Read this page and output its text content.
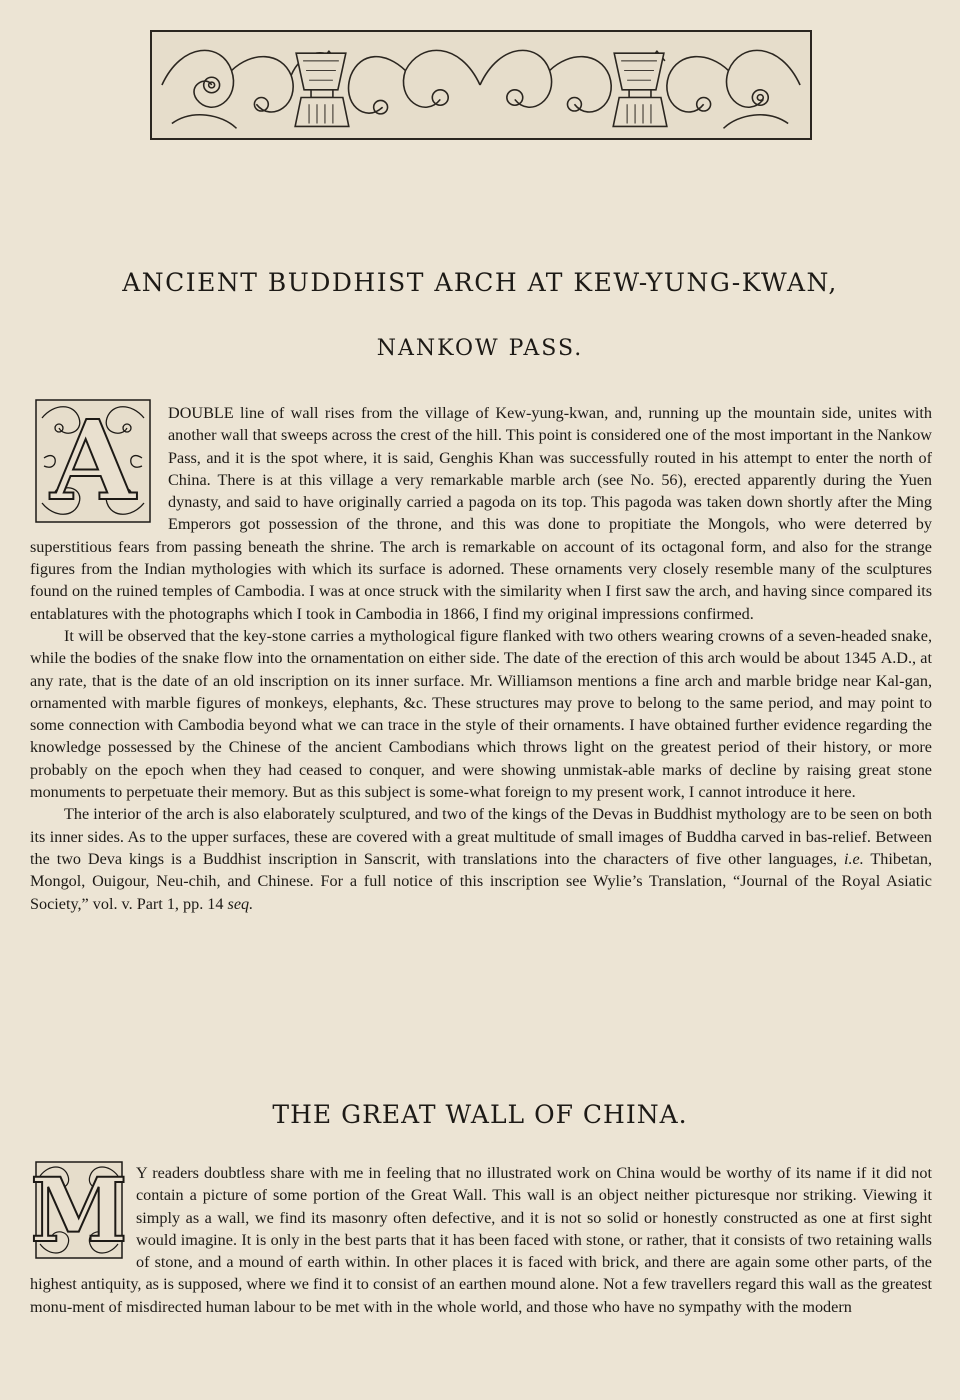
ANCIENT BUDDHIST ARCH AT KEW-YUNG-KWAN,
NANKOW PASS.
A	DOUBLE line of wall rises from the village of Kew-yung-kwan, and, running up the mountain side, unites with another wall that sweeps across the crest of the hill. This point is considered one of the most important in the Nankow Pass, and it is the spot where, it is said, Genghis Khan was successfully routed in his attempt to enter the north of China. There is at this village a very remarkable marble arch (see No. 56), erected apparently during the Yuen dynasty, and said to have originally carried a pagoda on its top. This pagoda was taken down shortly after the Ming Emperors got possession of the throne, and this was done to propitiate the Mongols, who were deterred by superstitious fears from passing beneath the shrine. The arch is remarkable on account of its octagonal form, and also for the strange figures from the Indian mythologies with which its surface is adorned. These ornaments very closely resemble many of the sculptures found on the ruined temples of Cambodia. I was at once struck with the similarity when I first saw the arch, and having since compared its entablatures with the photographs which I took in Cambodia in 1866, I find my original impressions confirmed.

It will be observed that the key-stone carries a mythological figure flanked with two others wearing crowns of a seven-headed snake, while the bodies of the snake flow into the ornamentation on either side. The date of the erection of this arch would be about 1345 A.D., at any rate, that is the date of an old inscription on its inner surface. Mr. Williamson mentions a fine arch and marble bridge near Kal-gan, ornamented with marble figures of monkeys, elephants, &c. These structures may prove to belong to the same period, and may point to some connection with Cambodia beyond what we can trace in the style of their ornaments. I have obtained further evidence regarding the knowledge possessed by the Chinese of the ancient Cambodians which throws light on the greatest period of their history, or more probably on the epoch when they had ceased to conquer, and were showing unmistak-able marks of decline by raising great stone monuments to perpetuate their memory. But as this subject is some-what foreign to my present work, I cannot introduce it here.

The interior of the arch is also elaborately sculptured, and two of the kings of the Devas in Buddhist mythology are to be seen on both its inner sides. As to the upper surfaces, these are covered with a great multitude of small images of Buddha carved in bas-relief. Between the two Deva kings is a Buddhist inscription in Sanscrit, with translations into the characters of five other languages, i.e. Thibetan, Mongol, Ouigour, Neu-chih, and Chinese. For a full notice of this inscription see Wylie’s Translation, “Journal of the Royal Asiatic Society,” vol. v. Part 1, pp. 14 seq.

THE GREAT WALL OF CHINA.
M Y readers doubtless share with me in feeling that no illustrated work on China would be worthy of its name if it did not contain a picture of some portion of the Great Wall. This wall is an object neither picturesque nor striking. Viewing it simply as a wall, we find its masonry often defective, and it is not so solid or honestly constructed as one at first sight would imagine. It is only in the best parts that it has been faced with stone, or rather, that it consists of two retaining walls of stone, and a mound of earth within. In other places it is faced with brick, and there are again some other parts, of the highest antiquity, as is supposed, where we find it to consist of an earthen mound alone. Not a few travellers regard this wall as the greatest monu-ment of misdirected human labour to be met with in the whole world, and those who have no sympathy with the modern
